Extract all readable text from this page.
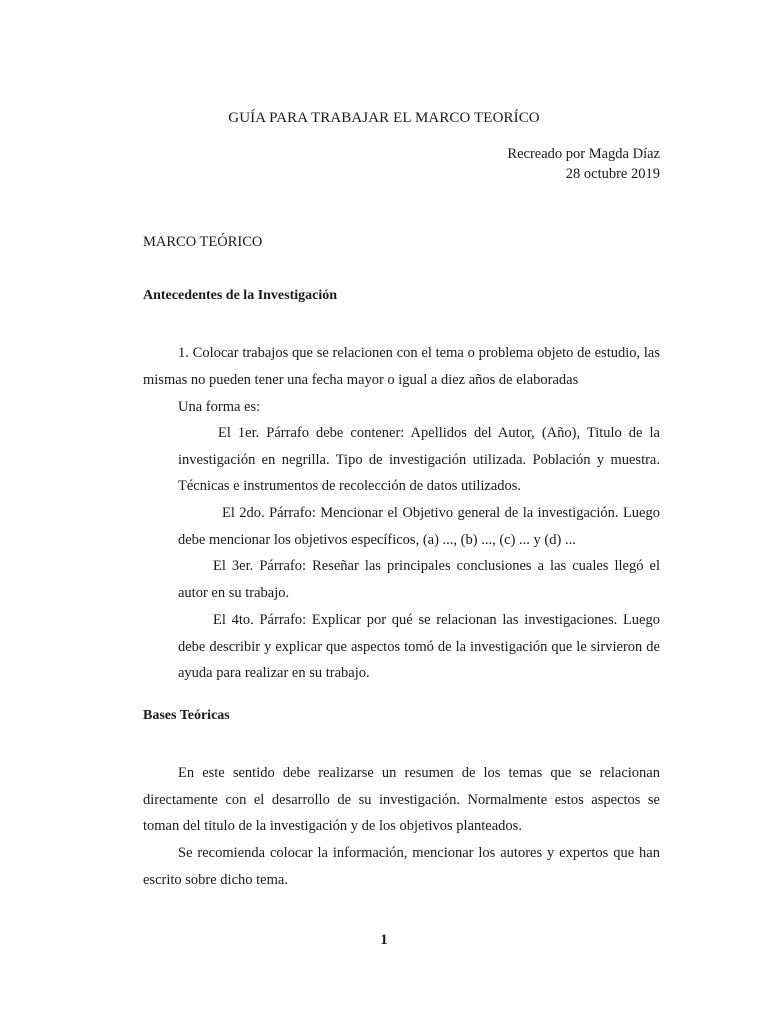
GUÍA PARA TRABAJAR EL MARCO TEORÍCO
Recreado por Magda Díaz
28 octubre 2019
MARCO TEÓRICO
Antecedentes de la Investigación
1. Colocar trabajos que se relacionen con el tema o problema objeto de estudio, las mismas no pueden tener una fecha mayor o igual a diez años de elaboradas
Una forma es:
El 1er. Párrafo debe contener: Apellidos del Autor, (Año), Titulo de la investigación en negrilla. Tipo de investigación utilizada. Población y muestra. Técnicas e instrumentos de recolección de datos utilizados.
El 2do. Párrafo: Mencionar el Objetivo general de la investigación. Luego debe mencionar los objetivos específicos, (a) ..., (b) ..., (c) ... y (d) ...
El 3er. Párrafo: Reseñar las principales conclusiones a las cuales llegó el autor en su trabajo.
El 4to. Párrafo: Explicar por qué se relacionan las investigaciones. Luego debe describir y explicar que aspectos tomó de la investigación que le sirvieron de ayuda para realizar en su trabajo.
Bases Teóricas
En este sentido debe realizarse un resumen de los temas que se relacionan directamente con el desarrollo de su investigación. Normalmente estos aspectos se toman del titulo de la investigación y de los objetivos planteados.
Se recomienda colocar la información, mencionar los autores y expertos que han escrito sobre dicho tema.
1
